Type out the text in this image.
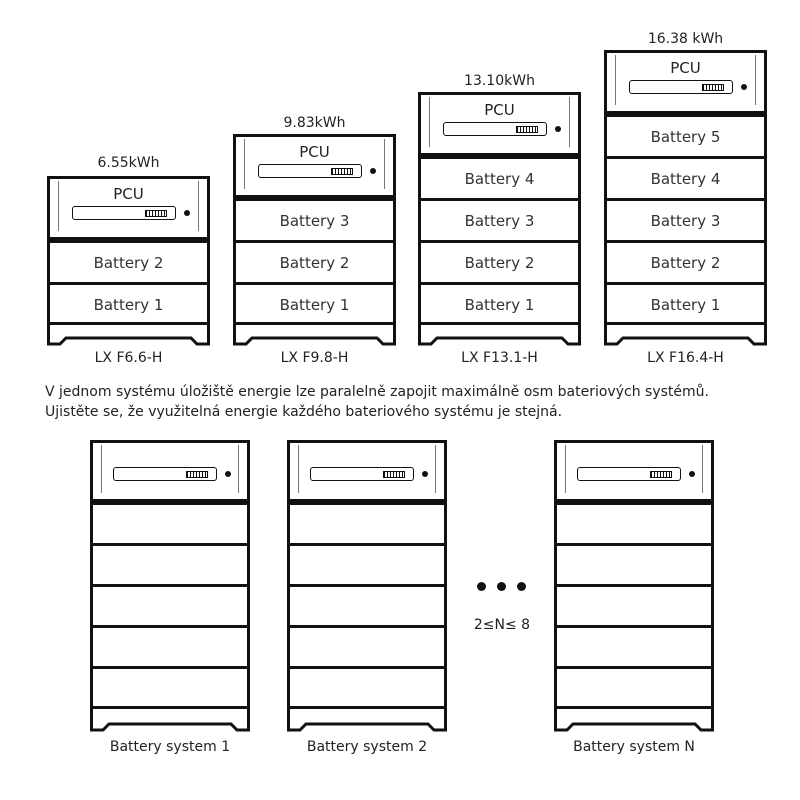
6.55kWh
PCU
Battery 2
Battery 1
LX F6.6-H
9.83kWh
PCU
Battery 3
Battery 2
Battery 1
LX F9.8-H
13.10kWh
PCU
Battery 4
Battery 3
Battery 2
Battery 1
LX F13.1-H
16.38 kWh
PCU
Battery 5
Battery 4
Battery 3
Battery 2
Battery 1
LX F16.4-H
V jednom systému úložiště energie lze paralelně zapojit maximálně osm bateriových systémů.
Ujistěte se, že využitelná energie každého bateriového systému je stejná.
Battery system 1	Battery system 2
2≤N≤ 8
Battery system N
